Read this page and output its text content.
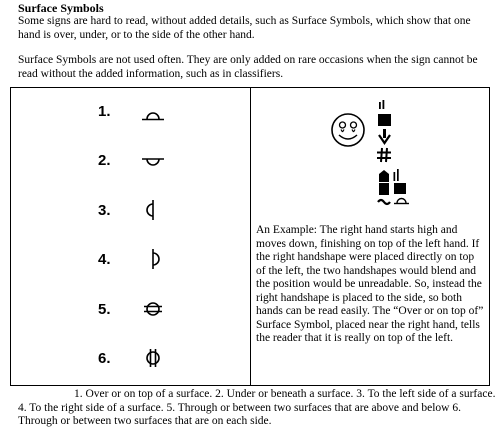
Surface Symbols
Some signs are hard to read, without added details, such as Surface Symbols, which show that one hand is over, under, or to the side of the other hand.
Surface Symbols are not used often. They are only added on rare occasions when the sign cannot be read without the added information, such as in classifiers.
1.
2.
3.
4.
5.
6.
An Example: The right hand starts high and moves down, finishing on top of the left hand. If the right handshape were placed directly on top of the left, the two handshapes would blend and the position would be unreadable. So, instead the right handshape is placed to the side, so both hands can be read easily. The “Over or on top of” Surface Symbol, placed near the right hand, tells the reader that it is really on top of the left.
1. Over or on top of a surface. 2. Under or beneath a surface. 3. To the left side of a surface. 4. To the right side of a surface. 5. Through or between two surfaces that are above and below 6. Through or between two surfaces that are on each side.
